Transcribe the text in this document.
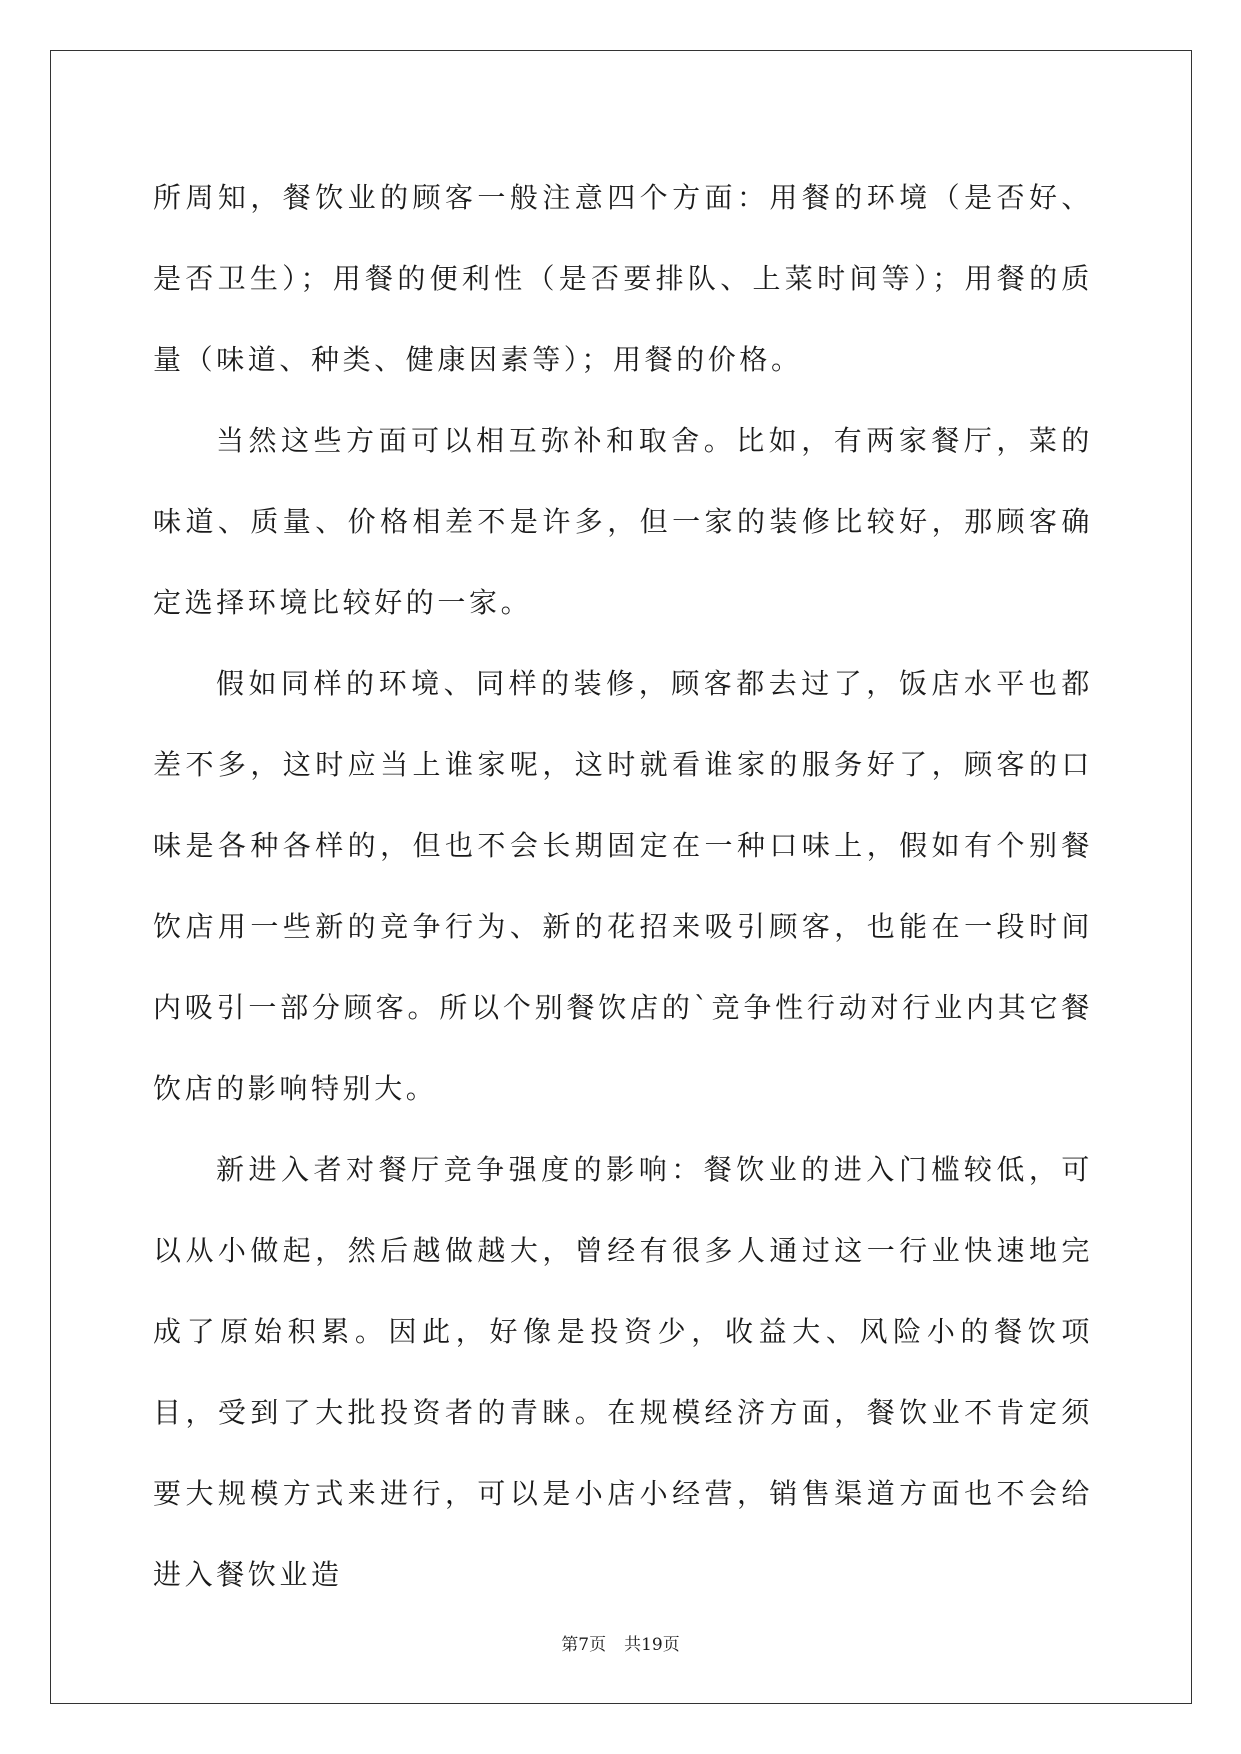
所周知，餐饮业的顾客一般注意四个方面：用餐的环境（是否好、是否卫生）；用餐的便利性（是否要排队、上菜时间等）；用餐的质量（味道、种类、健康因素等）；用餐的价格。

当然这些方面可以相互弥补和取舍。比如，有两家餐厅，菜的味道、质量、价格相差不是许多，但一家的装修比较好，那顾客确定选择环境比较好的一家。

假如同样的环境、同样的装修，顾客都去过了，饭店水平也都差不多，这时应当上谁家呢，这时就看谁家的服务好了，顾客的口味是各种各样的，但也不会长期固定在一种口味上，假如有个别餐饮店用一些新的竞争行为、新的花招来吸引顾客，也能在一段时间内吸引一部分顾客。所以个别餐饮店的`竞争性行动对行业内其它餐饮店的影响特别大。

新进入者对餐厅竞争强度的影响：餐饮业的进入门槛较低，可以从小做起，然后越做越大，曾经有很多人通过这一行业快速地完成了原始积累。因此，好像是投资少，收益大、风险小的餐饮项目，受到了大批投资者的青睐。在规模经济方面，餐饮业不肯定须要大规模方式来进行，可以是小店小经营，销售渠道方面也不会给进入餐饮业造

第7页 共19页
